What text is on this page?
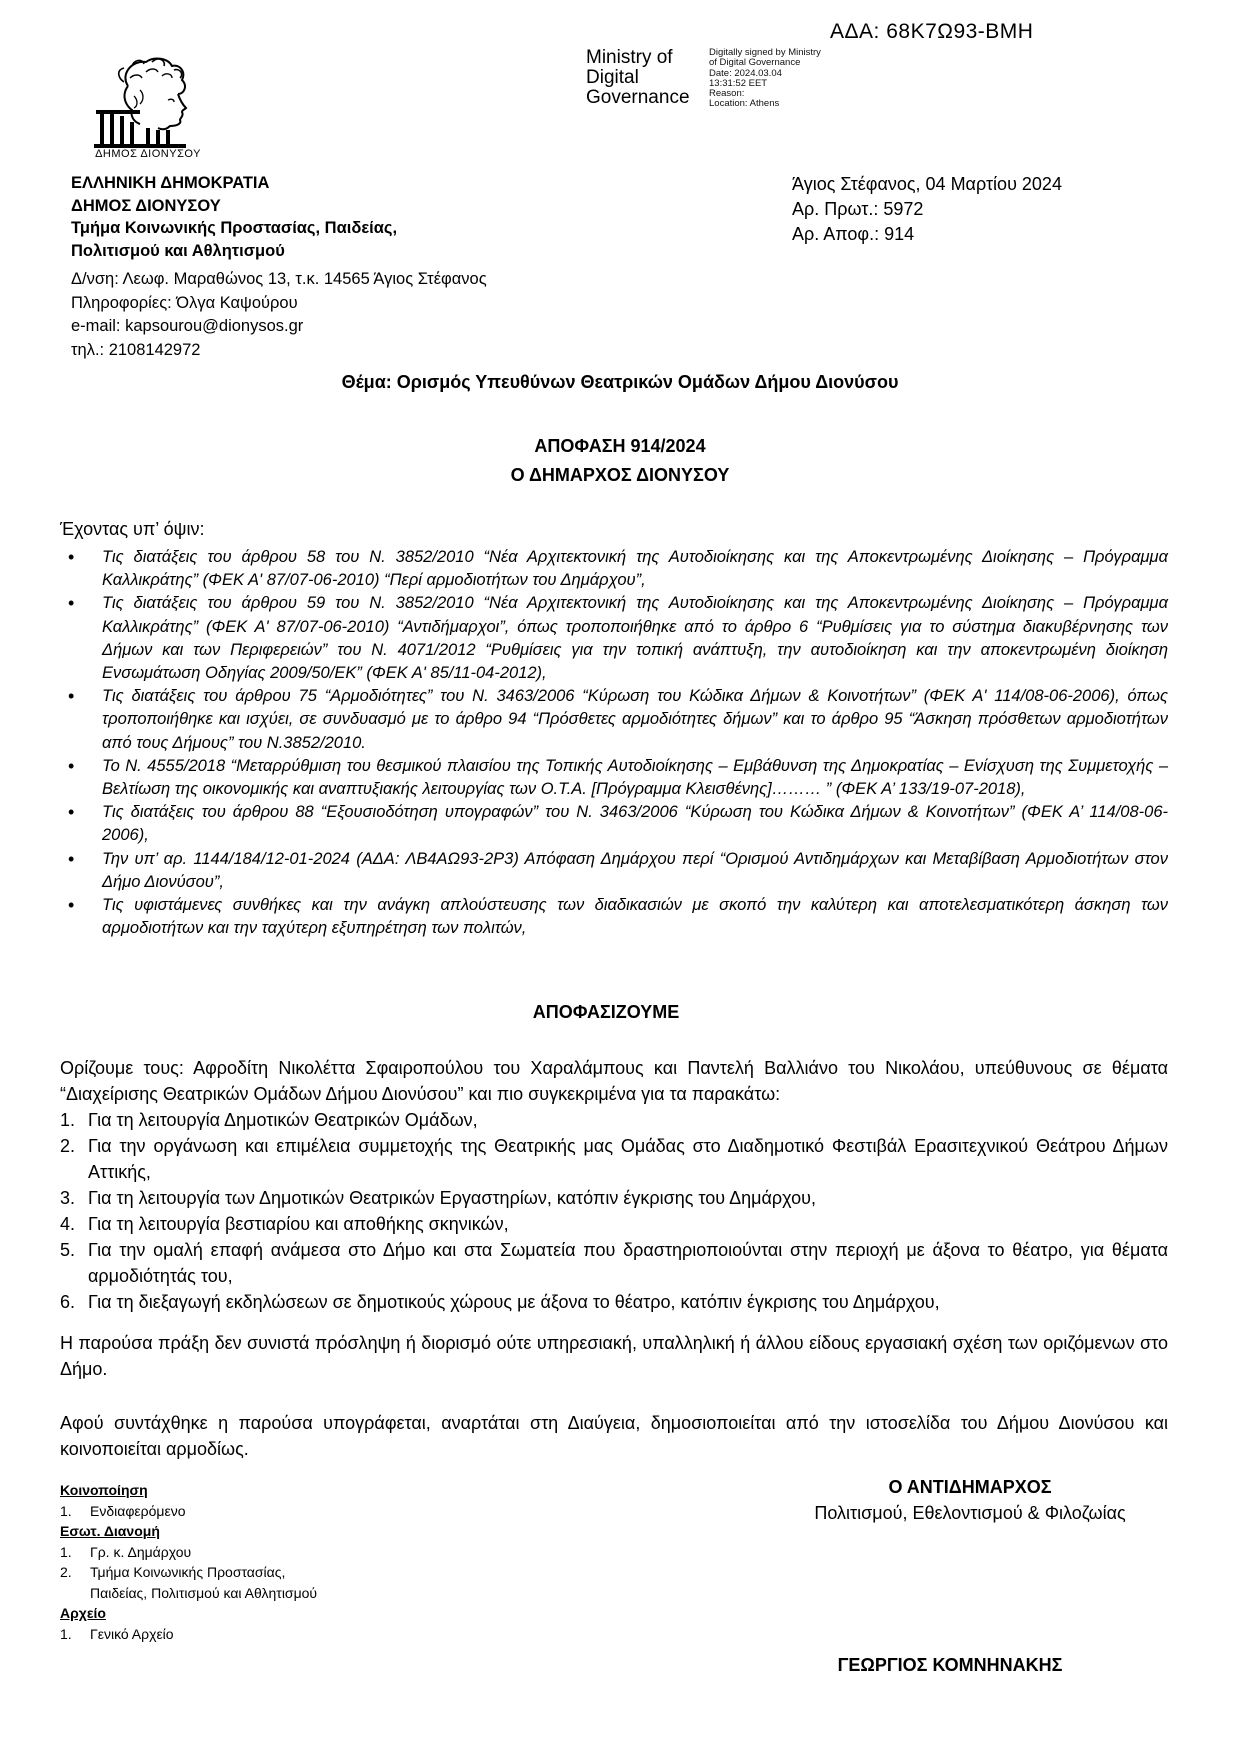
ΑΔΑ: 68Κ7Ω93-ΒΜΗ
Ministry of
Digital
Governance
Digitally signed by Ministry
of Digital Governance
Date: 2024.03.04
13:31:52 EET
Reason:
Location: Athens
ΔΗΜΟΣ ΔΙΟΝΥΣΟΥ
ΕΛΛΗΝΙΚΗ ΔΗΜΟΚΡΑΤΙΑ
ΔΗΜΟΣ ΔΙΟΝΥΣΟΥ
Τμήμα Κοινωνικής Προστασίας, Παιδείας,
Πολιτισμού και Αθλητισμού
Δ/νση: Λεωφ. Μαραθώνος 13, τ.κ. 14565 Άγιος Στέφανος
Πληροφορίες: Όλγα Καψούρου
e-mail: kapsourou@dionysos.gr
τηλ.: 2108142972
Άγιος Στέφανος, 04 Μαρτίου 2024
Αρ. Πρωτ.: 5972
Αρ. Αποφ.: 914
Θέμα: Ορισμός Υπευθύνων Θεατρικών Ομάδων Δήμου Διονύσου
ΑΠΟΦΑΣΗ 914/2024
Ο ΔΗΜΑΡΧΟΣ ΔΙΟΝΥΣΟΥ
Έχοντας υπ’ όψιν:
• Τις διατάξεις του άρθρου 58 του Ν. 3852/2010 “Νέα Αρχιτεκτονική της Αυτοδιοίκησης και της Αποκεντρωμένης Διοίκησης – Πρόγραμμα Καλλικράτης” (ΦΕΚ Α' 87/07-06-2010) “Περί αρμοδιοτήτων του Δημάρχου”,
• Τις διατάξεις του άρθρου 59 του Ν. 3852/2010 “Νέα Αρχιτεκτονική της Αυτοδιοίκησης και της Αποκεντρωμένης Διοίκησης – Πρόγραμμα Καλλικράτης” (ΦΕΚ Α' 87/07-06-2010) “Αντιδήμαρχοι”, όπως τροποποιήθηκε από το άρθρο 6 “Ρυθμίσεις για το σύστημα διακυβέρνησης των Δήμων και των Περιφερειών” του Ν. 4071/2012 “Ρυθμίσεις για την τοπική ανάπτυξη, την αυτοδιοίκηση και την αποκεντρωμένη διοίκηση Ενσωμάτωση Οδηγίας 2009/50/ΕΚ” (ΦΕΚ Α' 85/11-04-2012),
• Τις διατάξεις του άρθρου 75 “Αρμοδιότητες” του Ν. 3463/2006 “Κύρωση του Κώδικα Δήμων & Κοινοτήτων” (ΦΕΚ Α' 114/08-06-2006), όπως τροποποιήθηκε και ισχύει, σε συνδυασμό με το άρθρο 94 “Πρόσθετες αρμοδιότητες δήμων” και το άρθρο 95 “Άσκηση πρόσθετων αρμοδιοτήτων από τους Δήμους” του Ν.3852/2010.
• Το Ν. 4555/2018 “Μεταρρύθμιση του θεσμικού πλαισίου της Τοπικής Αυτοδιοίκησης – Εμβάθυνση της Δημοκρατίας – Ενίσχυση της Συμμετοχής – Βελτίωση της οικονομικής και αναπτυξιακής λειτουργίας των Ο.Τ.Α. [Πρόγραμμα Κλεισθένης]……… ” (ΦΕΚ Α’ 133/19-07-2018),
• Τις διατάξεις του άρθρου 88 “Εξουσιοδότηση υπογραφών” του Ν. 3463/2006 “Κύρωση του Κώδικα Δήμων & Κοινοτήτων” (ΦΕΚ Α’ 114/08-06-2006),
• Την υπ’ αρ. 1144/184/12-01-2024 (ΑΔΑ: ΛΒ4ΑΩ93-2Ρ3) Απόφαση Δημάρχου περί “Ορισμού Αντιδημάρχων και Μεταβίβαση Αρμοδιοτήτων στον Δήμο Διονύσου”,
• Τις υφιστάμενες συνθήκες και την ανάγκη απλούστευσης των διαδικασιών με σκοπό την καλύτερη και αποτελεσματικότερη άσκηση των αρμοδιοτήτων και την ταχύτερη εξυπηρέτηση των πολιτών,
ΑΠΟΦΑΣΙΖΟΥΜΕ
Ορίζουμε τους: Αφροδίτη Νικολέττα Σφαιροπούλου του Χαραλάμπους και Παντελή Βαλλιάνο του Νικολάου, υπεύθυνους σε θέματα “Διαχείρισης Θεατρικών Ομάδων Δήμου Διονύσου” και πιο συγκεκριμένα για τα παρακάτω:
1. Για τη λειτουργία Δημοτικών Θεατρικών Ομάδων,
2. Για την οργάνωση και επιμέλεια συμμετοχής της Θεατρικής μας Ομάδας στο Διαδημοτικό Φεστιβάλ Ερασιτεχνικού Θεάτρου Δήμων Αττικής,
3. Για τη λειτουργία των Δημοτικών Θεατρικών Εργαστηρίων, κατόπιν έγκρισης του Δημάρχου,
4. Για τη λειτουργία βεστιαρίου και αποθήκης σκηνικών,
5. Για την ομαλή επαφή ανάμεσα στο Δήμο και στα Σωματεία που δραστηριοποιούνται στην περιοχή με άξονα το θέατρο, για θέματα αρμοδιότητάς του,
6. Για τη διεξαγωγή εκδηλώσεων σε δημοτικούς χώρους με άξονα το θέατρο, κατόπιν έγκρισης του Δημάρχου,
Η παρούσα πράξη δεν συνιστά πρόσληψη ή διορισμό ούτε υπηρεσιακή, υπαλληλική ή άλλου είδους εργασιακή σχέση των οριζόμενων στο Δήμο.
Αφού συντάχθηκε η παρούσα υπογράφεται, αναρτάται στη Διαύγεια, δημοσιοποιείται από την ιστοσελίδα του Δήμου Διονύσου και κοινοποιείται αρμοδίως.
Ο ΑΝΤΙΔΗΜΑΡΧΟΣ
Πολιτισμού, Εθελοντισμού & Φιλοζωίας
ΓΕΩΡΓΙΟΣ ΚΟΜΝΗΝΑΚΗΣ
Κοινοποίηση
1. Ενδιαφερόμενο
Εσωτ. Διανομή
1. Γρ. κ. Δημάρχου
2. Τμήμα Κοινωνικής Προστασίας,
Παιδείας, Πολιτισμού και Αθλητισμού
Αρχείο
1. Γενικό Αρχείο
